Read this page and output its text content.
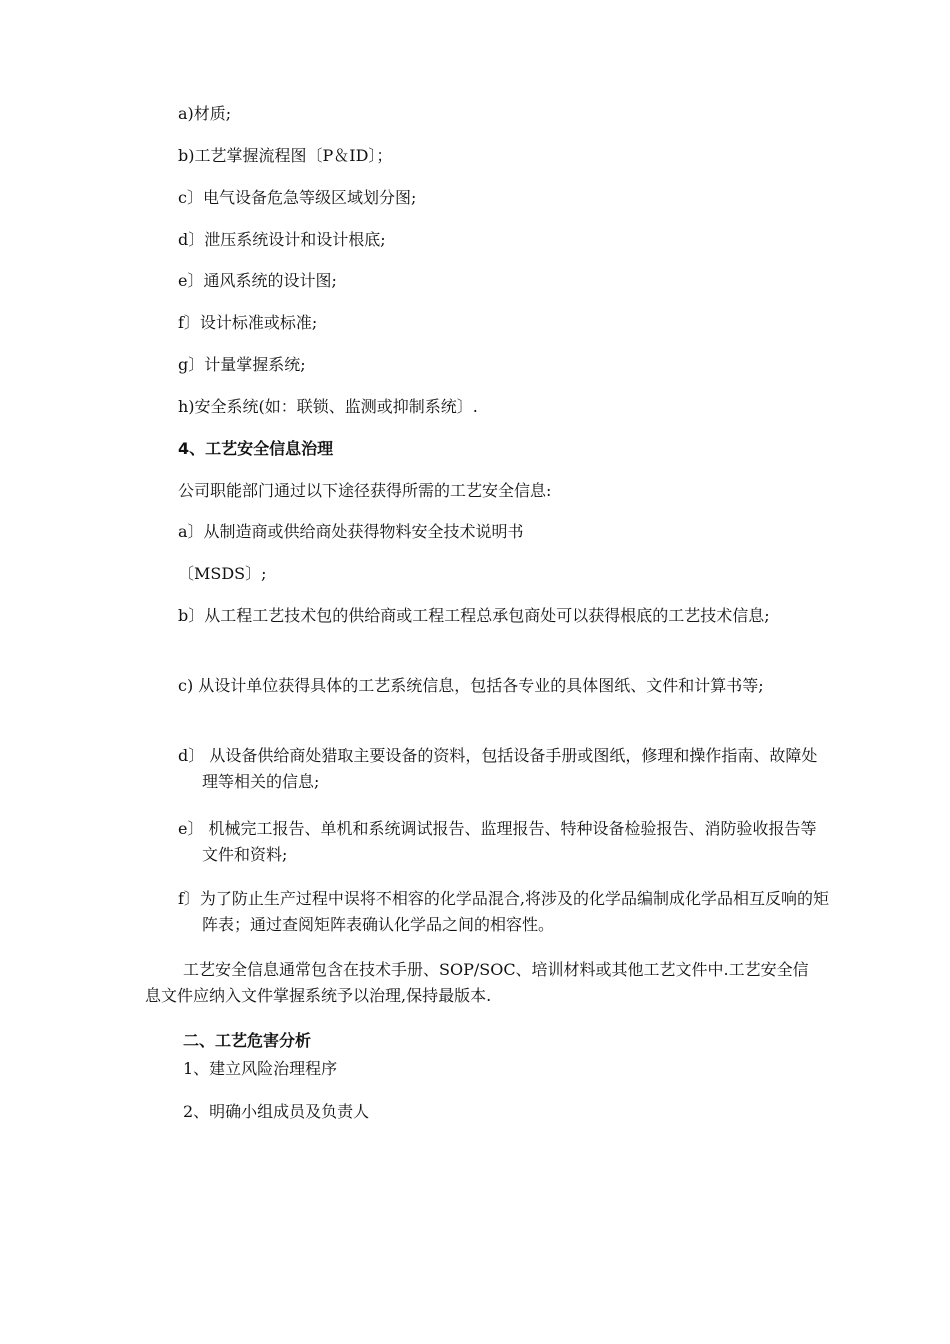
a)材质;
b)工艺掌握流程图〔P＆ID〕；
c〕电气设备危急等级区域划分图;
d〕泄压系统设计和设计根底;
e〕通风系统的设计图;
f〕设计标准或标准;
g〕计量掌握系统;
h)安全系统(如：联锁、监测或抑制系统〕.
4、工艺安全信息治理
公司职能部门通过以下途径获得所需的工艺安全信息:
a〕从制造商或供给商处获得物料安全技术说明书
〔MSDS〕;
b〕从工程工艺技术包的供给商或工程工程总承包商处可以获得根底的工艺技术信息;
c) 从设计单位获得具体的工艺系统信息，包括各专业的具体图纸、文件和计算书等;
d〕 从设备供给商处猎取主要设备的资料，包括设备手册或图纸，修理和操作指南、故障处理等相关的信息;
e〕 机械完工报告、单机和系统调试报告、监理报告、特种设备检验报告、消防验收报告等文件和资料;
f〕为了防止生产过程中误将不相容的化学品混合,将涉及的化学品编制成化学品相互反响的矩阵表；通过查阅矩阵表确认化学品之间的相容性。
工艺安全信息通常包含在技术手册、SOP/SOC、培训材料或其他工艺文件中.工艺安全信息文件应纳入文件掌握系统予以治理,保持最版本.
二、工艺危害分析
1、建立风险治理程序
2、明确小组成员及负责人
